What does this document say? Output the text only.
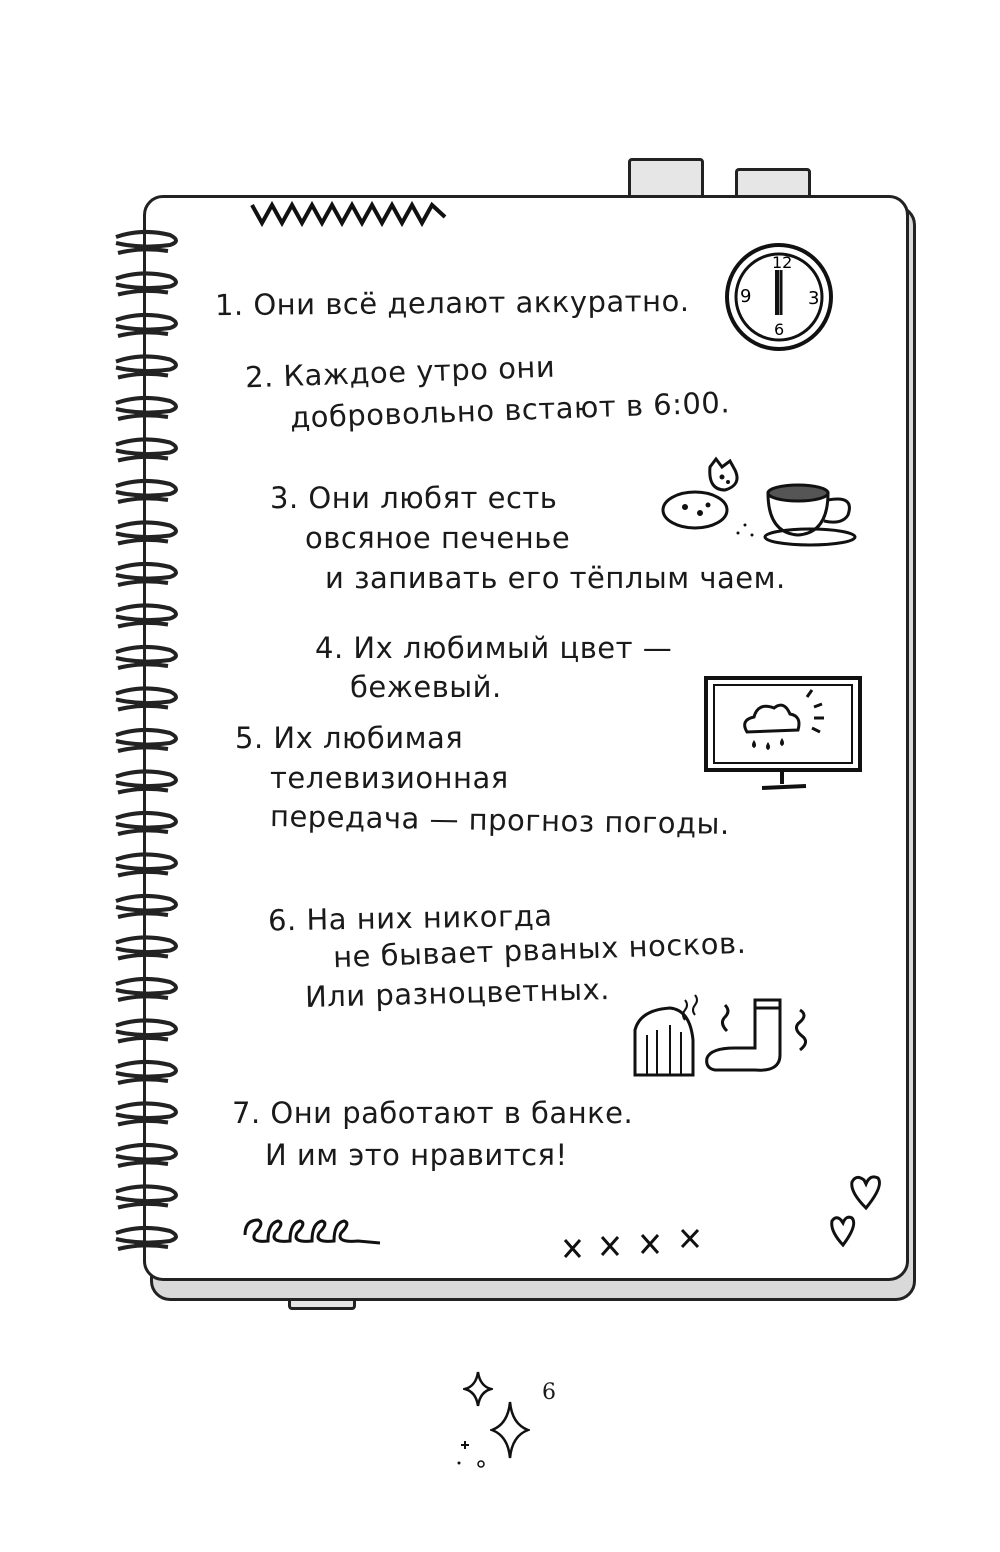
12
3
6
9
1. Они всё делают аккуратно.
2. Каждое утро они
добровольно встают в 6:00.
3. Они любят есть
овсяное печенье
и запивать его тёплым чаем.
4. Их любимый цвет —
бежевый.
5. Их любимая
телевизионная
передача — прогноз погоды.
6. На них никогда
не бывает рваных носков.
Или разноцветных.
7. Они работают в банке.
И им это нравится!
6
